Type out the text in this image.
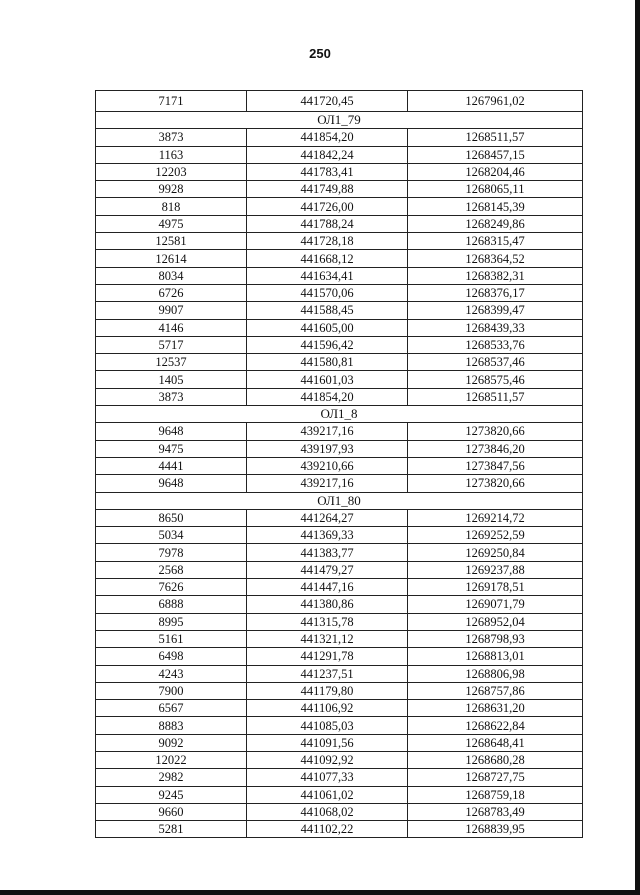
250
7171	441720,45	1267961,02
ОЛ1_79		
3873	441854,20	1268511,57
1163	441842,24	1268457,15
12203	441783,41	1268204,46
9928	441749,88	1268065,11
818	441726,00	1268145,39
4975	441788,24	1268249,86
12581	441728,18	1268315,47
12614	441668,12	1268364,52
8034	441634,41	1268382,31
6726	441570,06	1268376,17
9907	441588,45	1268399,47
4146	441605,00	1268439,33
5717	441596,42	1268533,76
12537	441580,81	1268537,46
1405	441601,03	1268575,46
3873	441854,20	1268511,57
ОЛ1_8		
9648	439217,16	1273820,66
9475	439197,93	1273846,20
4441	439210,66	1273847,56
9648	439217,16	1273820,66
ОЛ1_80		
8650	441264,27	1269214,72
5034	441369,33	1269252,59
7978	441383,77	1269250,84
2568	441479,27	1269237,88
7626	441447,16	1269178,51
6888	441380,86	1269071,79
8995	441315,78	1268952,04
5161	441321,12	1268798,93
6498	441291,78	1268813,01
4243	441237,51	1268806,98
7900	441179,80	1268757,86
6567	441106,92	1268631,20
8883	441085,03	1268622,84
9092	441091,56	1268648,41
12022	441092,92	1268680,28
2982	441077,33	1268727,75
9245	441061,02	1268759,18
9660	441068,02	1268783,49
5281	441102,22	1268839,95
